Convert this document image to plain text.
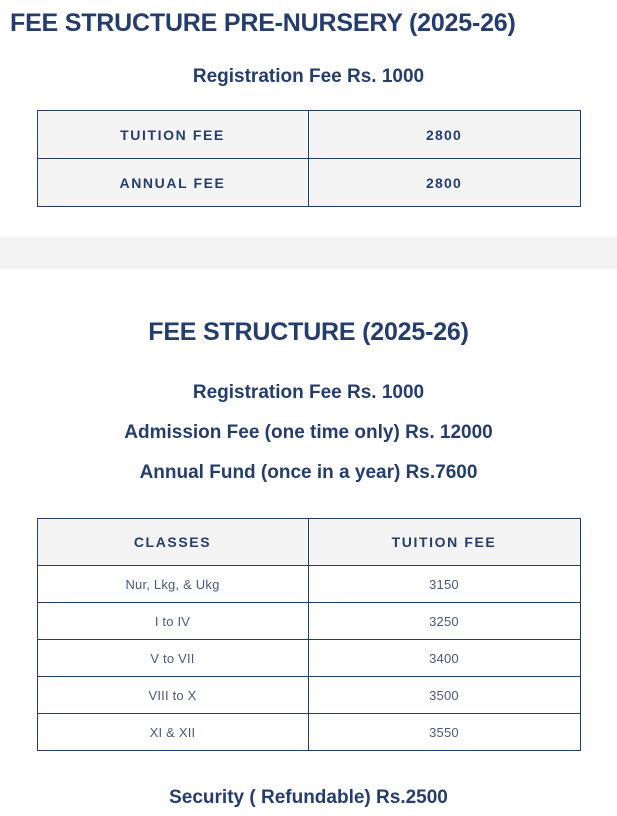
FEE STRUCTURE PRE-NURSERY (2025-26)
Registration Fee Rs. 1000
TUITION FEE	2800
ANNUAL FEE	2800
FEE STRUCTURE (2025-26)
Registration Fee Rs. 1000
Admission Fee (one time only) Rs. 12000
Annual Fund (once in a year) Rs.7600
CLASSES	TUITION FEE
Nur, Lkg, & Ukg	3150
I to IV	3250
V to VII	3400
VIII to X	3500
XI & XII	3550
Security ( Refundable) Rs.2500
